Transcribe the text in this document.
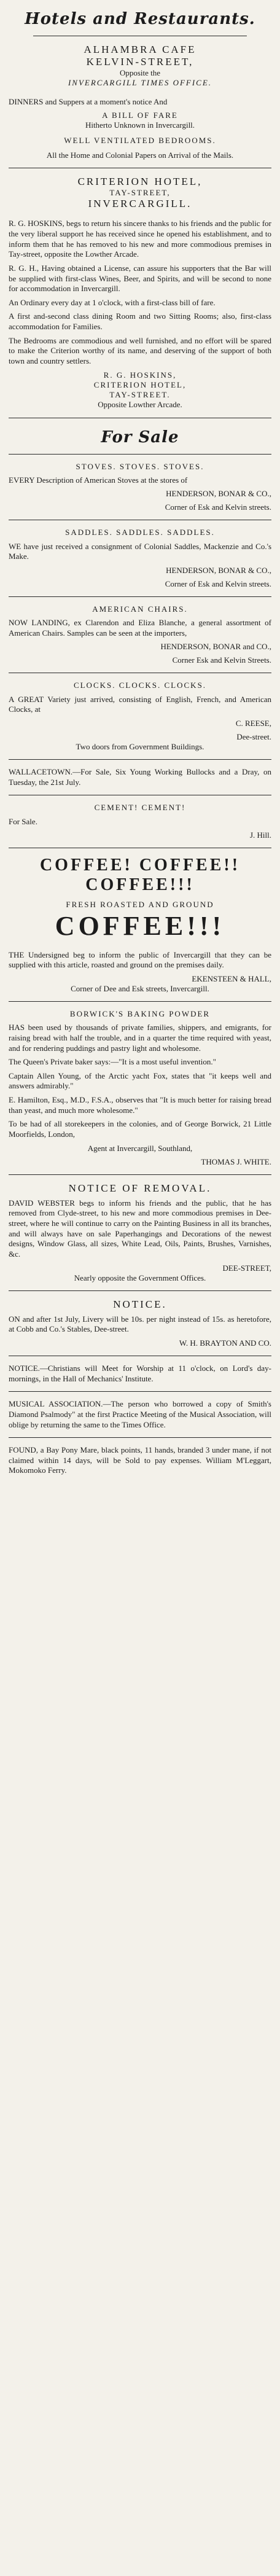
Hotels and Restaurants.
ALHAMBRA CAFE
KELVIN-STREET,
Opposite the
INVERCARGILL TIMES OFFICE.
DINNERS and Suppers at a moment's notice And
A BILL OF FARE
Hitherto Unknown in Invercargill.
WELL VENTILATED BEDROOMS.
All the Home and Colonial Papers on Arrival of the Mails.
CRITERION HOTEL,
TAY-STREET,
INVERCARGILL.
R. G. HOSKINS, begs to return his sincere thanks to his friends and the public for the very liberal support he has received since he opened his establishment, and to inform them that he has removed to his new and more commodious premises in Tay-street, opposite the Lowther Arcade.
R. G. H., Having obtained a License, can assure his supporters that the Bar will be supplied with first-class Wines, Beer, and Spirits, and will be second to none for accommodation in Invercargill.
An Ordinary every day at 1 o'clock, with a first-class bill of fare.
A first and-second class dining Room and two Sitting Rooms; also, first-class accommodation for Families.
The Bedrooms are commodious and well furnished, and no effort will be spared to make the Criterion worthy of its name, and deserving of the support of both town and country settlers.
R. G. HOSKINS,
CRITERION HOTEL,
TAY-STREET.
Opposite Lowther Arcade.
For Sale
STOVES. STOVES. STOVES.
EVERY Description of American Stoves at the stores of
HENDERSON, BONAR & CO.,
Corner of Esk and Kelvin streets.
SADDLES. SADDLES. SADDLES.
WE have just received a consignment of Colonial Saddles, Mackenzie and Co.'s Make.
HENDERSON, BONAR & CO.,
Corner of Esk and Kelvin streets.
AMERICAN CHAIRS.
NOW LANDING, ex Clarendon and Eliza Blanche, a general assortment of American Chairs. Samples can be seen at the importers,
HENDERSON, BONAR and CO.,
Corner Esk and Kelvin Streets.
CLOCKS. CLOCKS. CLOCKS.
A GREAT Variety just arrived, consisting of English, French, and American Clocks, at
C. REESE,
Dee-street.
Two doors from Government Buildings.
WALLACETOWN.—For Sale, Six Young Working Bullocks and a Dray, on Tuesday, the 21st July.
CEMENT! CEMENT!
For Sale.
J. Hill.
COFFEE! COFFEE!!
COFFEE!!!
FRESH ROASTED AND GROUND
COFFEE!!!
THE Undersigned beg to inform the public of Invercargill that they can be supplied with this article, roasted and ground on the premises daily.
EKENSTEEN & HALL,
Corner of Dee and Esk streets, Invercargill.
BORWICK'S BAKING POWDER
HAS been used by thousands of private families, shippers, and emigrants, for raising bread with half the trouble, and in a quarter the time required with yeast, and for rendering puddings and pastry light and wholesome.
The Queen's Private baker says:—"It is a most useful invention."
Captain Allen Young, of the Arctic yacht Fox, states that "it keeps well and answers admirably."
E. Hamilton, Esq., M.D., F.S.A., observes that "It is much better for raising bread than yeast, and much more wholesome."
To be had of all storekeepers in the colonies, and of George Borwick, 21 Little Moorfields, London,
Agent at Invercargill, Southland,
THOMAS J. WHITE.
NOTICE OF REMOVAL.
DAVID WEBSTER begs to inform his friends and the public, that he has removed from Clyde-street, to his new and more commodious premises in Dee-street, where he will continue to carry on the Painting Business in all its branches, and will always have on sale Paperhangings and Decorations of the newest designs, Window Glass, all sizes, White Lead, Oils, Paints, Brushes, Varnishes, &c.
DEE-STREET,
Nearly opposite the Government Offices.
NOTICE.
ON and after 1st July, Livery will be 10s. per night instead of 15s. as heretofore, at Cobb and Co.'s Stables, Dee-street.
W. H. BRAYTON AND CO.
NOTICE.—Christians will Meet for Worship at 11 o'clock, on Lord's day-mornings, in the Hall of Mechanics' Institute.
MUSICAL ASSOCIATION.—The person who borrowed a copy of Smith's Diamond Psalmody" at the first Practice Meeting of the Musical Association, will oblige by returning the same to the Times Office.
FOUND, a Bay Pony Mare, black points, 11 hands, branded 3 under mane, if not claimed within 14 days, will be Sold to pay expenses. William M'Leggart, Mokomoko Ferry.
